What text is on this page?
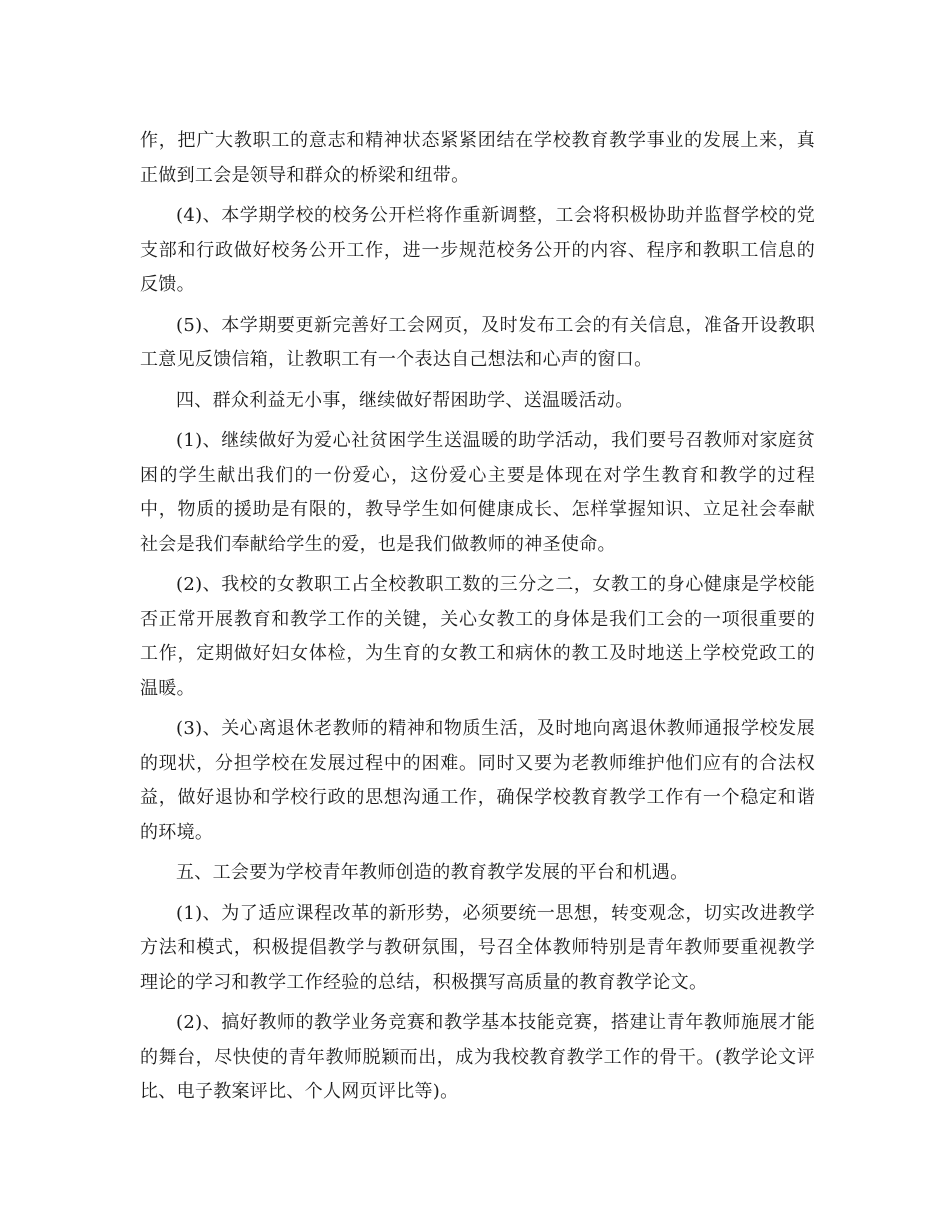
作，把广大教职工的意志和精神状态紧紧团结在学校教育教学事业的发展上来，真正做到工会是领导和群众的桥梁和纽带。

(4)、本学期学校的校务公开栏将作重新调整，工会将积极协助并监督学校的党支部和行政做好校务公开工作，进一步规范校务公开的内容、程序和教职工信息的反馈。

(5)、本学期要更新完善好工会网页，及时发布工会的有关信息，准备开设教职工意见反馈信箱，让教职工有一个表达自己想法和心声的窗口。

四、群众利益无小事，继续做好帮困助学、送温暖活动。

(1)、继续做好为爱心社贫困学生送温暖的助学活动，我们要号召教师对家庭贫困的学生献出我们的一份爱心，这份爱心主要是体现在对学生教育和教学的过程中，物质的援助是有限的，教导学生如何健康成长、怎样掌握知识、立足社会奉献社会是我们奉献给学生的爱，也是我们做教师的神圣使命。

(2)、我校的女教职工占全校教职工数的三分之二，女教工的身心健康是学校能否正常开展教育和教学工作的关键，关心女教工的身体是我们工会的一项很重要的工作，定期做好妇女体检，为生育的女教工和病休的教工及时地送上学校党政工的温暖。

(3)、关心离退休老教师的精神和物质生活，及时地向离退休教师通报学校发展的现状，分担学校在发展过程中的困难。同时又要为老教师维护他们应有的合法权益，做好退协和学校行政的思想沟通工作，确保学校教育教学工作有一个稳定和谐的环境。

五、工会要为学校青年教师创造的教育教学发展的平台和机遇。

(1)、为了适应课程改革的新形势，必须要统一思想，转变观念，切实改进教学方法和模式，积极提倡教学与教研氛围，号召全体教师特别是青年教师要重视教学理论的学习和教学工作经验的总结，积极撰写高质量的教育教学论文。

(2)、搞好教师的教学业务竞赛和教学基本技能竞赛，搭建让青年教师施展才能的舞台，尽快使的青年教师脱颖而出，成为我校教育教学工作的骨干。(教学论文评比、电子教案评比、个人网页评比等)。
